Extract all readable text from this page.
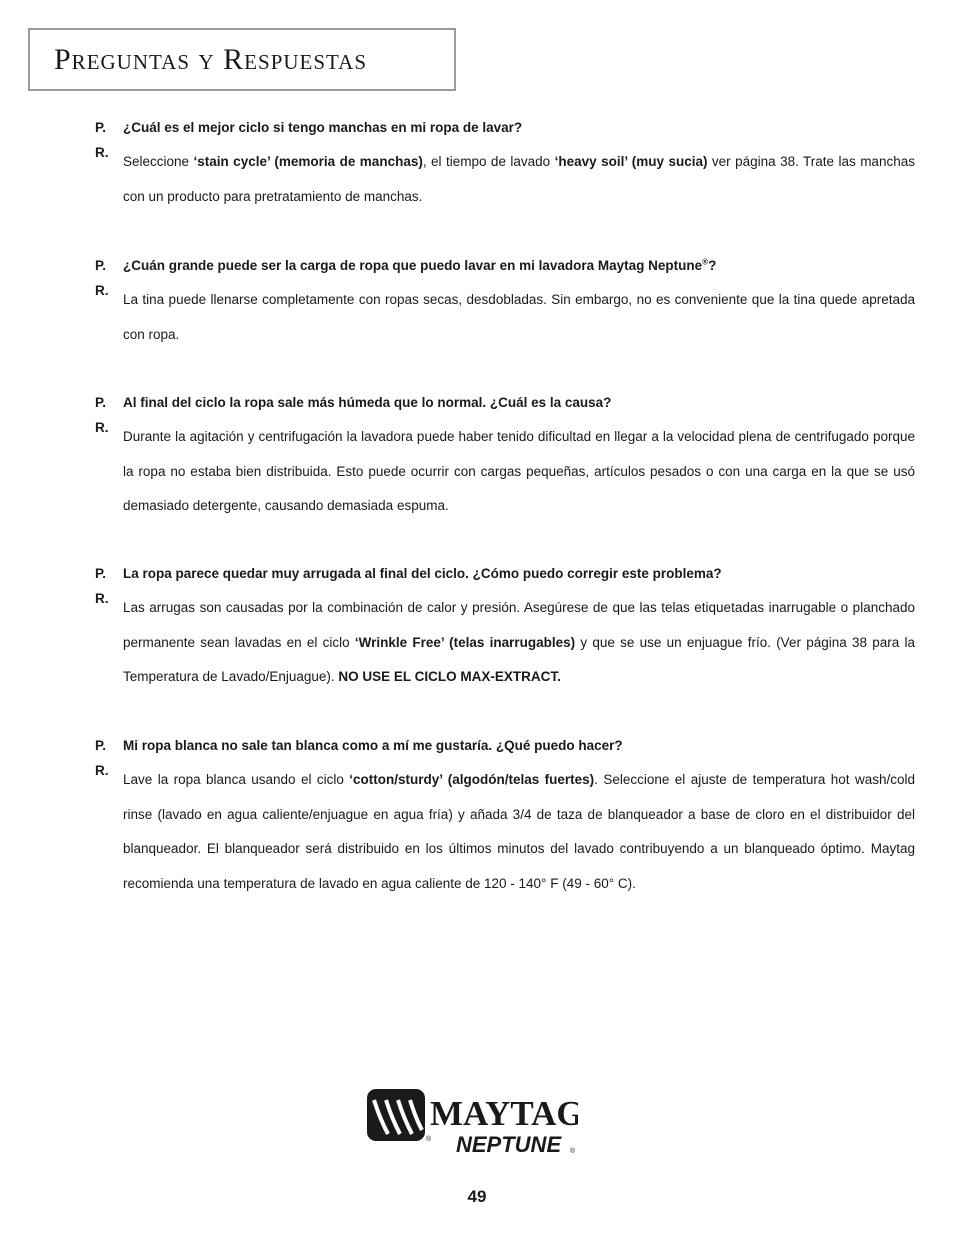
Preguntas y Respuestas
P.	¿Cuál es el mejor ciclo si tengo manchas en mi ropa de lavar?
R.
Seleccione ‘stain cycle’ (memoria de manchas), el tiempo de lavado ‘heavy soil’ (muy sucia) ver página 38. Trate las manchas con un producto para pretratamiento de manchas.
P.	¿Cuán grande puede ser la carga de ropa que puedo lavar en mi lavadora Maytag Neptune®?
R.
La tina puede llenarse completamente con ropas secas, desdobladas. Sin embargo, no es conveniente que la tina quede apretada con ropa.
P.	Al final del ciclo la ropa sale más húmeda que lo normal. ¿Cuál es la causa?
R.
Durante la agitación y centrifugación la lavadora puede haber tenido dificultad en llegar a la velocidad plena de centrifugado porque la ropa no estaba bien distribuida. Esto puede ocurrir con cargas pequeñas, artículos pesados o con una carga en la que se usó demasiado detergente, causando demasiada espuma.
P.	La ropa parece quedar muy arrugada al final del ciclo. ¿Cómo puedo corregir este problema?
R.
Las arrugas son causadas por la combinación de calor y presión. Asegúrese de que las telas etiquetadas inarrugable o planchado permanente sean lavadas en el ciclo ‘Wrinkle Free’ (telas inarrugables) y que se use un enjuague frío. (Ver página 38 para la Temperatura de Lavado/Enjuague). NO USE EL CICLO MAX-EXTRACT.
P.	Mi ropa blanca no sale tan blanca como a mí me gustaría. ¿Qué puedo hacer?
R.
Lave la ropa blanca usando el ciclo ‘cotton/sturdy’ (algodón/telas fuertes). Seleccione el ajuste de temperatura hot wash/cold rinse (lavado en agua caliente/enjuague en agua fría) y añada 3/4 de taza de blanqueador a base de cloro en el distribuidor del blanqueador. El blanqueador será distribuido en los últimos minutos del lavado contribuyendo a un blanqueado óptimo. Maytag recomienda una temperatura de lavado en agua caliente de 120 - 140° F (49 - 60° C).
MAYTAG
® NEPTUNE ®
49
